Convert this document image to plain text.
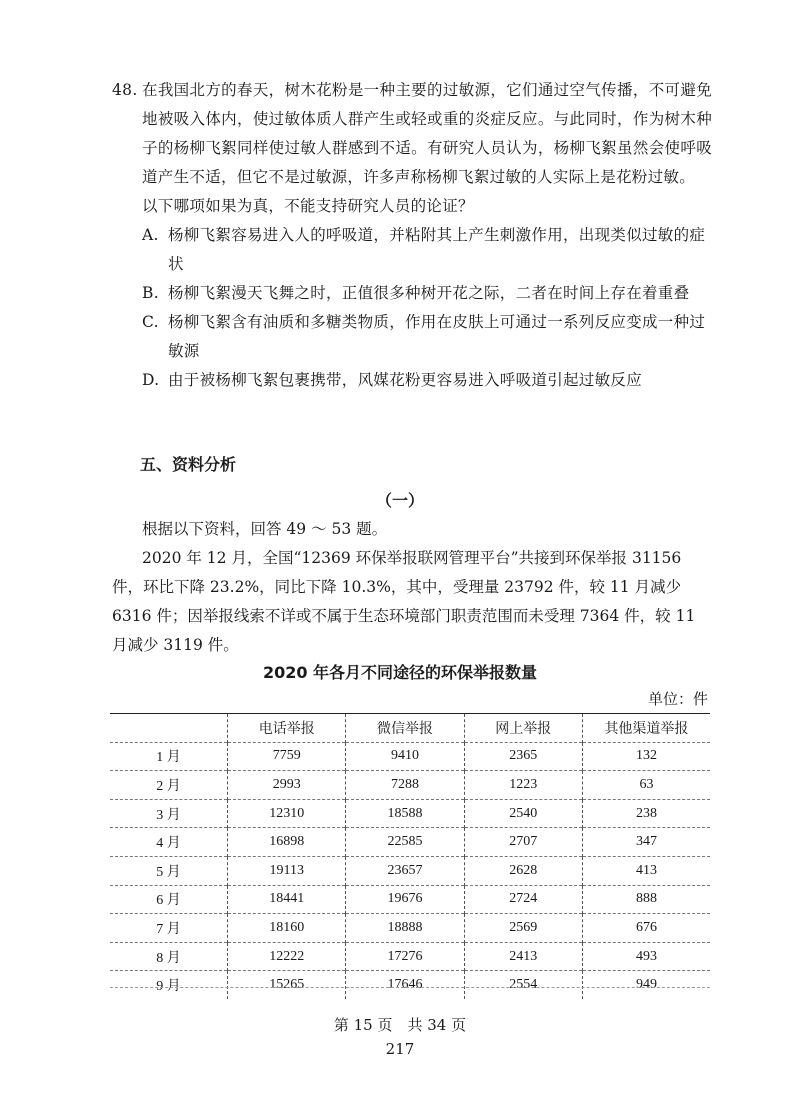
48. 在我国北方的春天，树木花粉是一种主要的过敏源，它们通过空气传播，不可避免地被吸入体内，使过敏体质人群产生或轻或重的炎症反应。与此同时，作为树木种子的杨柳飞絮同样使过敏人群感到不适。有研究人员认为，杨柳飞絮虽然会使呼吸道产生不适，但它不是过敏源，许多声称杨柳飞絮过敏的人实际上是花粉过敏。
以下哪项如果为真，不能支持研究人员的论证？
A. 杨柳飞絮容易进入人的呼吸道，并粘附其上产生刺激作用，出现类似过敏的症状
B. 杨柳飞絮漫天飞舞之时，正值很多种树开花之际，二者在时间上存在着重叠
C. 杨柳飞絮含有油质和多糖类物质，作用在皮肤上可通过一系列反应变成一种过敏源
D. 由于被杨柳飞絮包裹携带，风媒花粉更容易进入呼吸道引起过敏反应
五、资料分析
（一）
根据以下资料，回答 49 ～ 53 题。
2020 年 12 月，全国“12369 环保举报联网管理平台”共接到环保举报 31156 件，环比下降 23.2%，同比下降 10.3%，其中，受理量 23792 件，较 11 月减少 6316 件；因举报线索不详或不属于生态环境部门职责范围而未受理 7364 件，较 11 月减少 3119 件。
2020 年各月不同途径的环保举报数量
单位：件
	电话举报	微信举报	网上举报	其他渠道举报
1 月	7759	9410	2365	132
2 月	2993	7288	1223	63
3 月	12310	18588	2540	238
4 月	16898	22585	2707	347
5 月	19113	23657	2628	413
6 月	18441	19676	2724	888
7 月	18160	18888	2569	676
8 月	12222	17276	2413	493
9 月	15265	17646	2554	949
第 15 页　共 34 页
217
